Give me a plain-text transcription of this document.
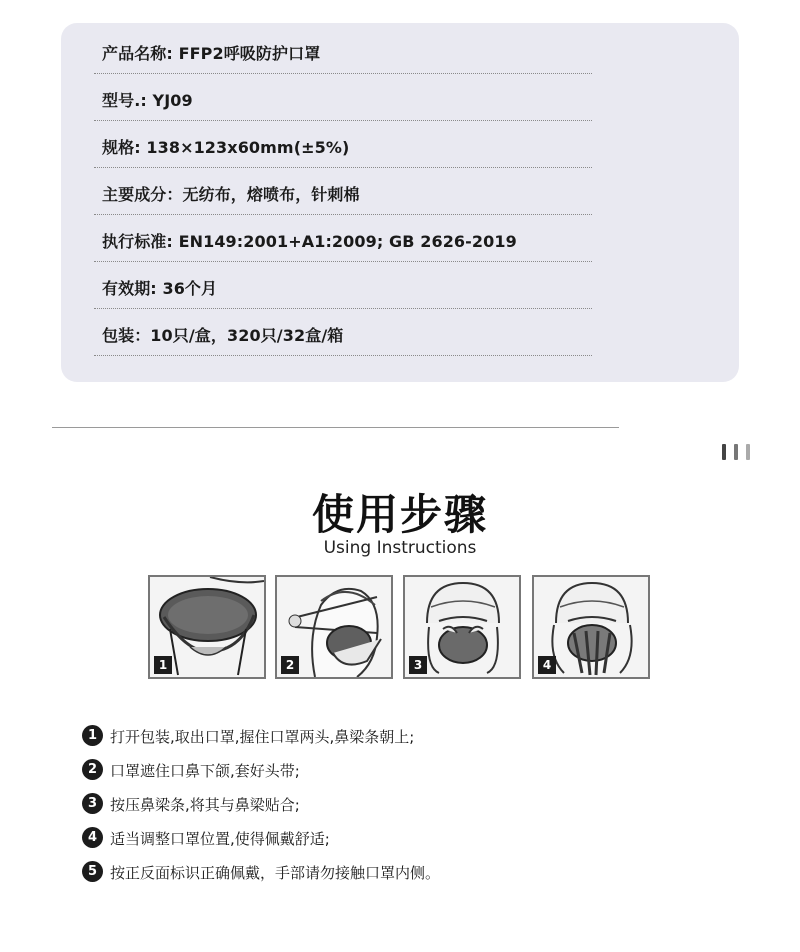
产品名称: FFP2呼吸防护口罩
型号.: YJ09
规格: 138×123x60mm(±5%)
主要成分：无纺布，熔喷布，针刺棉
执行标准: EN149:2001+A1:2009; GB 2626-2019
有效期: 36个月
包装：10只/盒，320只/32盒/箱
使用步骤
Using Instructions
1	2	3	4
1 打开包装,取出口罩,握住口罩两头,鼻梁条朝上;
2 口罩遮住口鼻下颌,套好头带;
3 按压鼻梁条,将其与鼻梁贴合;
4 适当调整口罩位置,使得佩戴舒适;
5 按正反面标识正确佩戴，手部请勿接触口罩内侧。
